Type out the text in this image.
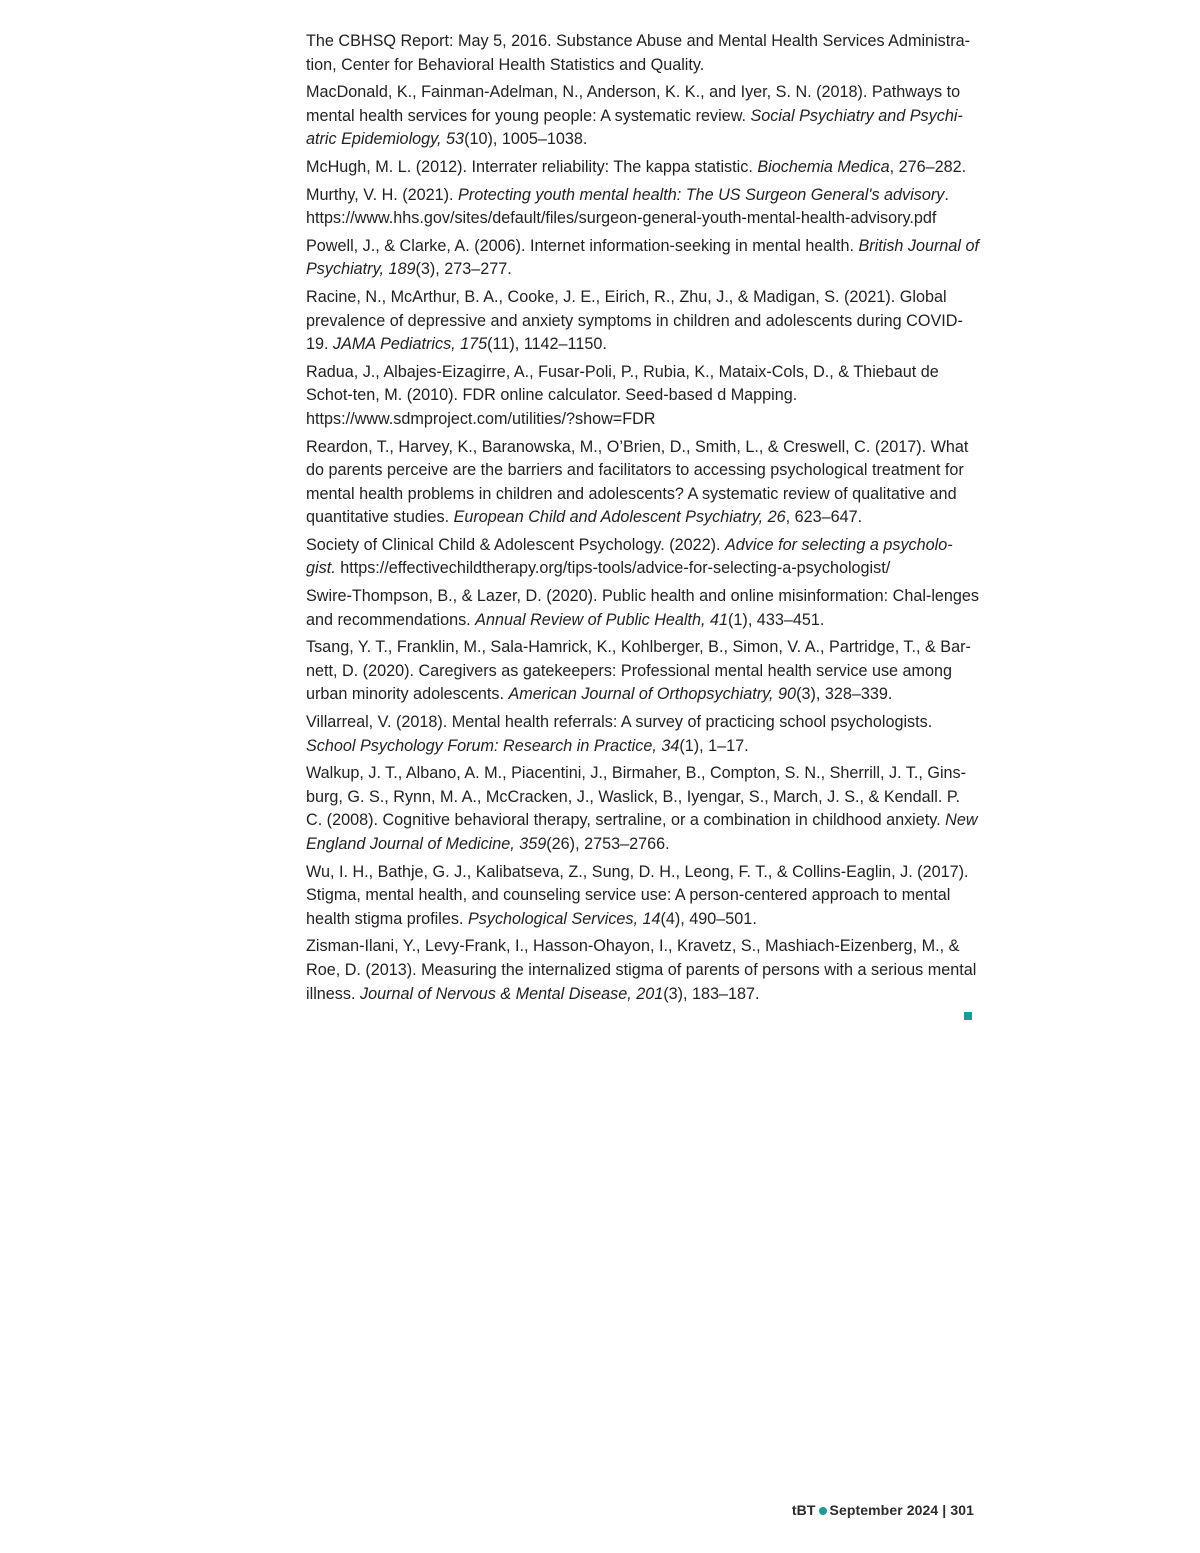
The CBHSQ Report: May 5, 2016. Substance Abuse and Mental Health Services Administra-tion, Center for Behavioral Health Statistics and Quality.

MacDonald, K., Fainman-Adelman, N., Anderson, K. K., and Iyer, S. N. (2018). Pathways to mental health services for young people: A systematic review. Social Psychiatry and Psychi-atric Epidemiology, 53(10), 1005–1038.

McHugh, M. L. (2012). Interrater reliability: The kappa statistic. Biochemia Medica, 276–282.

Murthy, V. H. (2021). Protecting youth mental health: The US Surgeon General's advisory. https://www.hhs.gov/sites/default/files/surgeon-general-youth-mental-health-advisory.pdf

Powell, J., & Clarke, A. (2006). Internet information-seeking in mental health. British Journal of Psychiatry, 189(3), 273–277.

Racine, N., McArthur, B. A., Cooke, J. E., Eirich, R., Zhu, J., & Madigan, S. (2021). Global prevalence of depressive and anxiety symptoms in children and adolescents during COVID-19. JAMA Pediatrics, 175(11), 1142–1150.

Radua, J., Albajes-Eizagirre, A., Fusar-Poli, P., Rubia, K., Mataix-Cols, D., & Thiebaut de Schot-ten, M. (2010). FDR online calculator. Seed-based d Mapping. https://www.sdmproject.com/utilities/?show=FDR

Reardon, T., Harvey, K., Baranowska, M., O’Brien, D., Smith, L., & Creswell, C. (2017). What do parents perceive are the barriers and facilitators to accessing psychological treatment for mental health problems in children and adolescents? A systematic review of qualitative and quantitative studies. European Child and Adolescent Psychiatry, 26, 623–647.

Society of Clinical Child & Adolescent Psychology. (2022). Advice for selecting a psycholo-gist. https://effectivechildtherapy.org/tips-tools/advice-for-selecting-a-psychologist/

Swire-Thompson, B., & Lazer, D. (2020). Public health and online misinformation: Chal-lenges and recommendations. Annual Review of Public Health, 41(1), 433–451.

Tsang, Y. T., Franklin, M., Sala-Hamrick, K., Kohlberger, B., Simon, V. A., Partridge, T., & Bar-nett, D. (2020). Caregivers as gatekeepers: Professional mental health service use among urban minority adolescents. American Journal of Orthopsychiatry, 90(3), 328–339.

Villarreal, V. (2018). Mental health referrals: A survey of practicing school psychologists. School Psychology Forum: Research in Practice, 34(1), 1–17.

Walkup, J. T., Albano, A. M., Piacentini, J., Birmaher, B., Compton, S. N., Sherrill, J. T., Gins-burg, G. S., Rynn, M. A., McCracken, J., Waslick, B., Iyengar, S., March, J. S., & Kendall. P. C. (2008). Cognitive behavioral therapy, sertraline, or a combination in childhood anxiety. New England Journal of Medicine, 359(26), 2753–2766.

Wu, I. H., Bathje, G. J., Kalibatseva, Z., Sung, D. H., Leong, F. T., & Collins-Eaglin, J. (2017). Stigma, mental health, and counseling service use: A person-centered approach to mental health stigma profiles. Psychological Services, 14(4), 490–501.

Zisman-Ilani, Y., Levy-Frank, I., Hasson-Ohayon, I., Kravetz, S., Mashiach-Eizenberg, M., & Roe, D. (2013). Measuring the internalized stigma of parents of persons with a serious mental illness. Journal of Nervous & Mental Disease, 201(3), 183–187.

tBT September 2024 | 301
